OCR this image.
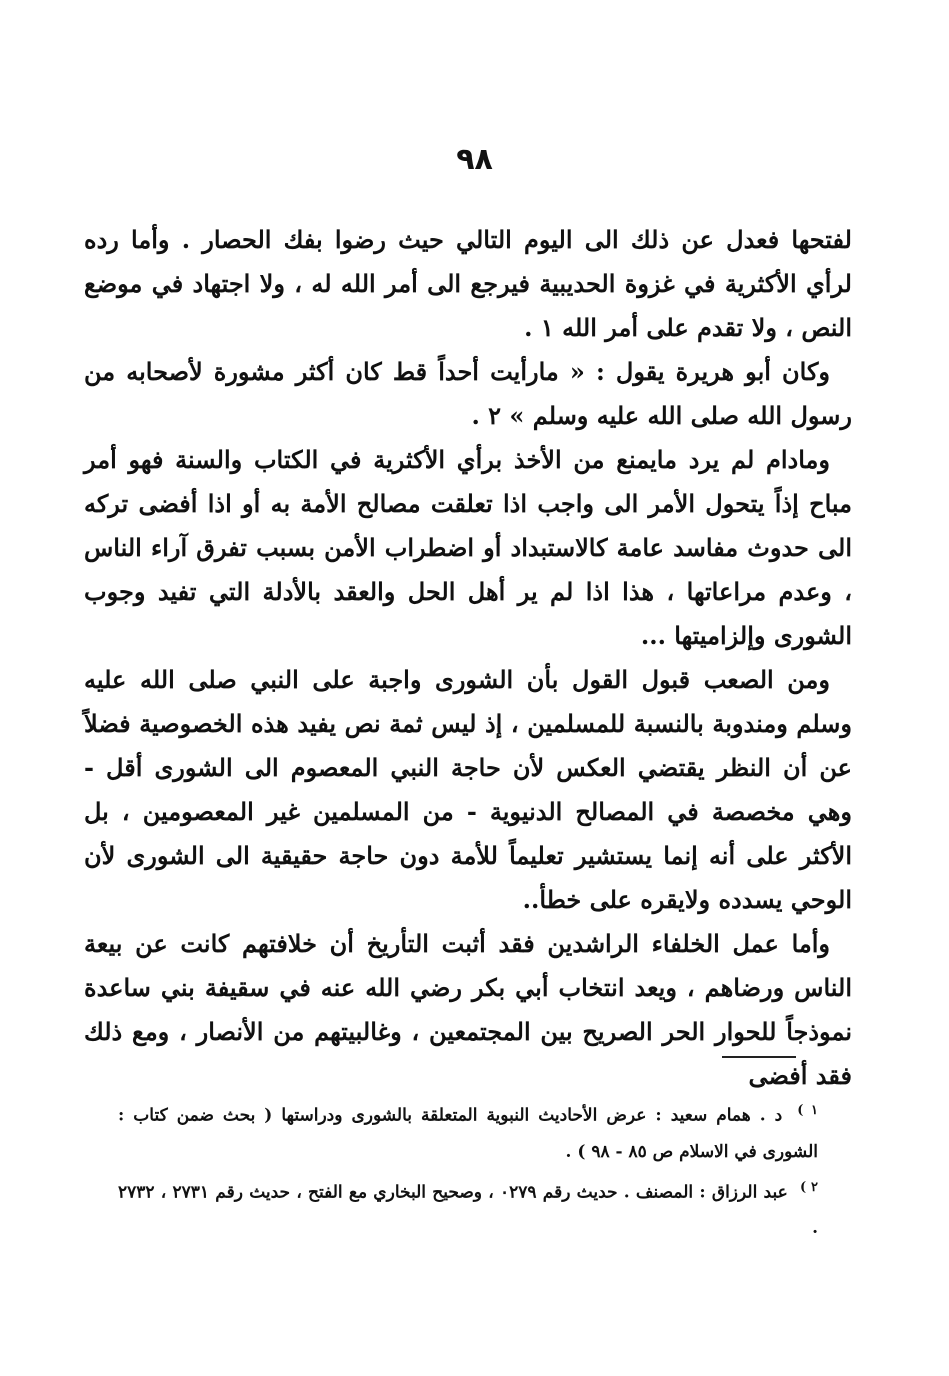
٩٨

لفتحها فعدل عن ذلك الى اليوم التالي حيث رضوا بفك الحصار . وأما رده لرأي الأكثرية في غزوة الحديبية فيرجع الى أمر الله له ، ولا اجتهاد في موضع النص ، ولا تقدم على أمر الله ١ .

وكان أبو هريرة يقول : « مارأيت أحداً قط كان أكثر مشورة لأصحابه من رسول الله صلى الله عليه وسلم » ٢ .

ومادام لم يرد مايمنع من الأخذ برأي الأكثرية في الكتاب والسنة فهو أمر مباح إذاً يتحول الأمر الى واجب اذا تعلقت مصالح الأمة به أو اذا أفضى تركه الى حدوث مفاسد عامة كالاستبداد أو اضطراب الأمن بسبب تفرق آراء الناس ، وعدم مراعاتها ، هذا اذا لم ير أهل الحل والعقد بالأدلة التي تفيد وجوب الشورى وإلزاميتها ...

ومن الصعب قبول القول بأن الشورى واجبة على النبي صلى الله عليه وسلم ومندوبة بالنسبة للمسلمين ، إذ ليس ثمة نص يفيد هذه الخصوصية فضلاً عن أن النظر يقتضي العكس لأن حاجة النبي المعصوم الى الشورى أقل - وهي مخصصة في المصالح الدنيوية - من المسلمين غير المعصومين ، بل الأكثر على أنه إنما يستشير تعليماً للأمة دون حاجة حقيقية الى الشورى لأن الوحي يسدده ولايقره على خطأ..

وأما عمل الخلفاء الراشدين فقد أثبت التأريخ أن خلافتهم كانت عن بيعة الناس ورضاهم ، ويعد انتخاب أبي بكر رضي الله عنه في سقيفة بني ساعدة نموذجاً للحوار الحر الصريح بين المجتمعين ، وغالبيتهم من الأنصار ، ومع ذلك فقد أفضى

$^{١ )}$ د . همام سعيد : عرض الأحاديث النبوية المتعلقة بالشورى ودراستها ( بحث ضمن كتاب : الشورى في الاسلام ص ٨٥ - ٩٨ ) .

$^{٢ )}$ عبد الرزاق : المصنف . حديث رقم ٠٢٧٩ ، وصحيح البخاري مع الفتح ، حديث رقم ٢٧٣١ ، ٢٧٣٢ .
